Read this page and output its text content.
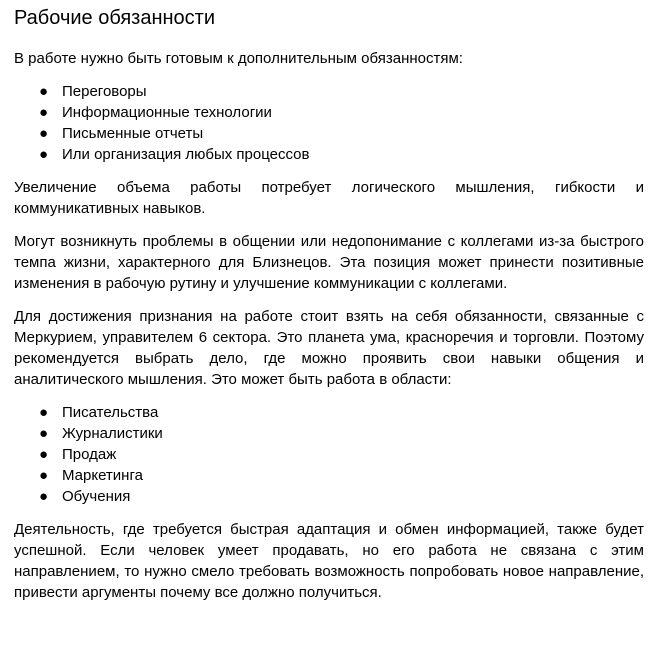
Рабочие обязанности

В работе нужно быть готовым к дополнительным обязанностям:

● Переговоры
● Информационные технологии
● Письменные отчеты
● Или организация любых процессов

Увеличение объема работы потребует логического мышления, гибкости и коммуникативных навыков.

Могут возникнуть проблемы в общении или недопонимание с коллегами из-за быстрого темпа жизни, характерного для Близнецов. Эта позиция может принести позитивные изменения в рабочую рутину и улучшение коммуникации с коллегами.

Для достижения признания на работе стоит взять на себя обязанности, связанные с Меркурием, управителем 6 сектора. Это планета ума, красноречия и торговли. Поэтому рекомендуется выбрать дело, где можно проявить свои навыки общения и аналитического мышления. Это может быть работа в области:

● Писательства
● Журналистики
● Продаж
● Маркетинга
● Обучения

Деятельность, где требуется быстрая адаптация и обмен информацией, также будет успешной. Если человек умеет продавать, но его работа не связана с этим направлением, то нужно смело требовать возможность попробовать новое направление, привести аргументы почему все должно получиться.
